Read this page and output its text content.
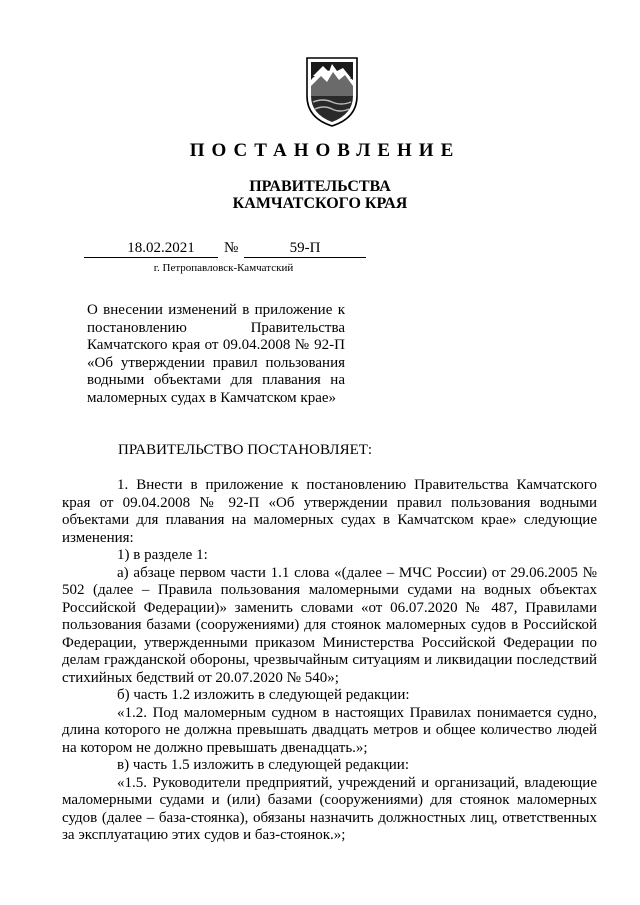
ПОСТАНОВЛЕНИЕ
ПРАВИТЕЛЬСТВА
КАМЧАТСКОГО КРАЯ
18.02.2021	№	59-П
г. Петропавловск-Камчатский
О внесении изменений в приложение к постановлению Правительства Камчатского края от 09.04.2008 № 92-П «Об утверждении правил пользования водными объектами для плавания на маломерных судах в Камчатском крае»
ПРАВИТЕЛЬСТВО ПОСТАНОВЛЯЕТ:

1. Внести в приложение к постановлению Правительства Камчатского края от 09.04.2008 № 92-П «Об утверждении правил пользования водными объектами для плавания на маломерных судах в Камчатском крае» следующие изменения:

1) в разделе 1:

а) абзаце первом части 1.1 слова «(далее – МЧС России) от 29.06.2005 № 502 (далее – Правила пользования маломерными судами на водных объектах Российской Федерации)» заменить словами «от 06.07.2020 № 487, Правилами пользования базами (сооружениями) для стоянок маломерных судов в Российской Федерации, утвержденными приказом Министерства Российской Федерации по делам гражданской обороны, чрезвычайным ситуациям и ликвидации последствий стихийных бедствий от 20.07.2020 № 540»;

б) часть 1.2 изложить в следующей редакции:

«1.2. Под маломерным судном в настоящих Правилах понимается судно, длина которого не должна превышать двадцать метров и общее количество людей на котором не должно превышать двенадцать.»;

в) часть 1.5 изложить в следующей редакции:

«1.5. Руководители предприятий, учреждений и организаций, владеющие маломерными судами и (или) базами (сооружениями) для стоянок маломерных судов (далее – база-стоянка), обязаны назначить должностных лиц, ответственных за эксплуатацию этих судов и баз-стоянок.»;
